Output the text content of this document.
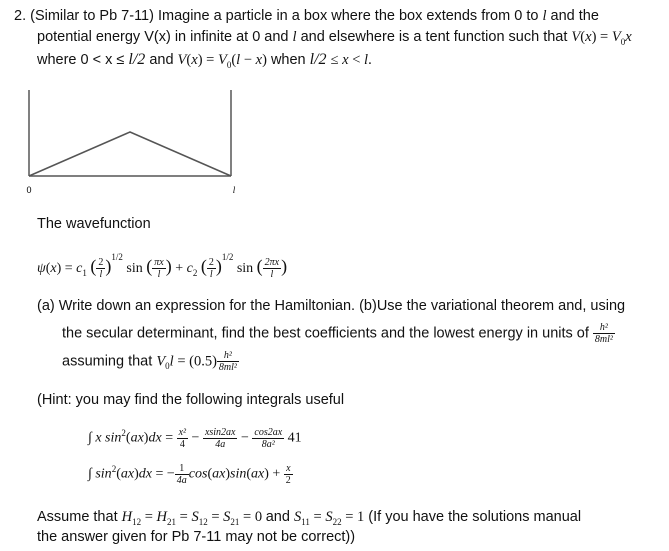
2. (Similar to Pb 7-11) Imagine a particle in a box where the box extends from 0 to l and the
potential energy V(x) in infinite at 0 and l and elsewhere is a tent function such that $V(x) = V_0x$
where 0 < x ≤ l/2 and $V(x) = V_0(l - x)$ when l/2 ≤ x < l.
0	l
The wavefunction
$\psi(x) = c_1$ ( $\frac{2}{l} )^{1/2}$ sin ( $\frac{\pi x}{l}$ ) + $c_2$ ( $\frac{2}{l} )^{1/2}$ sin ( $\frac{2\pi x}{l}$ )
(a) Write down an expression for the Hamiltonian. (b)Use the variational theorem and, using
the secular determinant, find the best coefficients and the lowest energy in units of $\frac{\text{h²}}{\text{8ml²}}$
assuming that $V_0l = (0.5) \frac{\text{h²}}{\text{8ml²}}$
(Hint: you may find the following integrals useful
∫ x $\sin^2(ax)dx = \frac{\text{x²}}{4} - \frac{xsin2ax}{4a} - \frac{\cos 2ax}{\text{8a²}} 41$
∫ $\sin^2(ax)dx$ = − $\frac{1}{4a} \cos(ax)\sin(ax) + \frac{x}{2}$
Assume that $H_{12} = H_{21} = S_{12} = S_{21} = 0$ and $S_{11} = S_{22} = 1$ (If you have the solutions manual
the answer given for Pb 7-11 may not be correct))
